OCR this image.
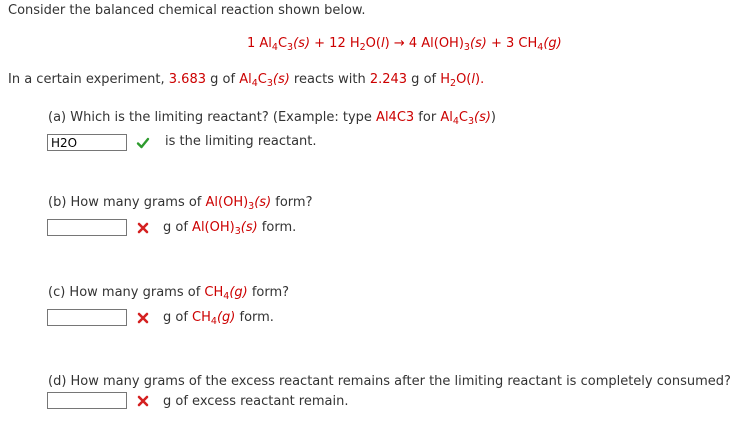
Consider the balanced chemical reaction shown below.
1 $Al_4C_3(s) + 12$ $H_2O(l) \to 4$ $Al(OH)_3(s) + 3$ $CH_4(g)$
In a certain experiment, 3.683 g of $Al_4C_3(s)$ reacts with 2.243 g of $H_2O(l)$.
(a) Which is the limiting reactant? (Example: type Al4C3 for $Al_4C_3(s)$)
H2O
is the limiting reactant.
(b) How many grams of $Al(OH)_3(s)$ form?
g of $Al(OH)_3(s)$ form.
(c) How many grams of $CH_4(g)$ form?
g of $CH_4(g)$ form.
(d) How many grams of the excess reactant remains after the limiting reactant is completely consumed?
g of excess reactant remain.
